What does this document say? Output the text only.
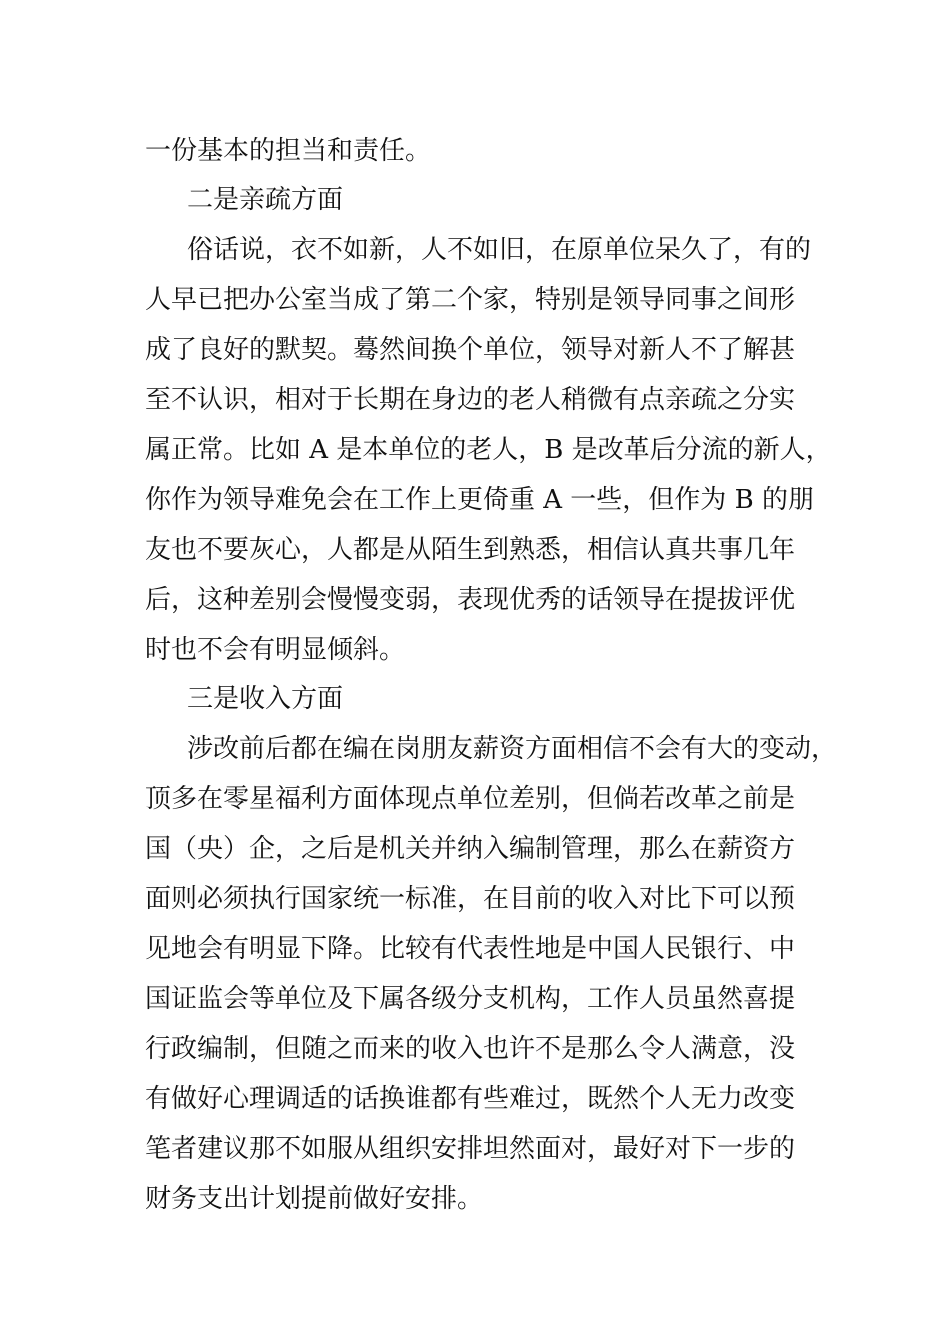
一份基本的担当和责任。

二是亲疏方面

俗话说，衣不如新，人不如旧，在原单位呆久了，有的

人早已把办公室当成了第二个家，特别是领导同事之间形

成了良好的默契。蓦然间换个单位，领导对新人不了解甚

至不认识，相对于长期在身边的老人稍微有点亲疏之分实

属正常。比如 A 是本单位的老人，B 是改革后分流的新人，

你作为领导难免会在工作上更倚重 A 一些，但作为 B 的朋

友也不要灰心，人都是从陌生到熟悉，相信认真共事几年

后，这种差别会慢慢变弱，表现优秀的话领导在提拔评优

时也不会有明显倾斜。

三是收入方面

涉改前后都在编在岗朋友薪资方面相信不会有大的变动，

顶多在零星福利方面体现点单位差别，但倘若改革之前是

国（央）企，之后是机关并纳入编制管理，那么在薪资方

面则必须执行国家统一标准，在目前的收入对比下可以预

见地会有明显下降。比较有代表性地是中国人民银行、中

国证监会等单位及下属各级分支机构，工作人员虽然喜提

行政编制，但随之而来的收入也许不是那么令人满意，没

有做好心理调适的话换谁都有些难过，既然个人无力改变

笔者建议那不如服从组织安排坦然面对，最好对下一步的

财务支出计划提前做好安排。
